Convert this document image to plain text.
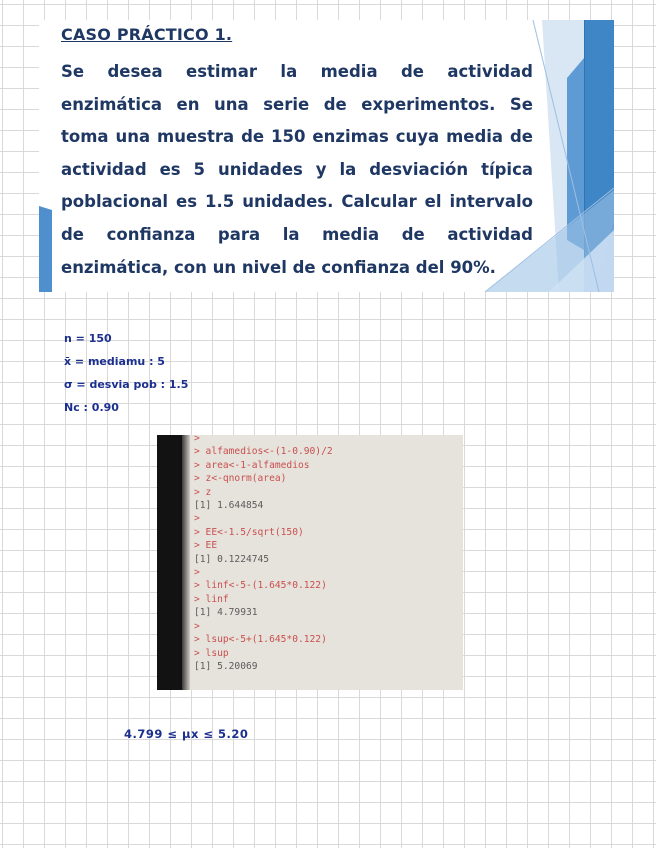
CASO PRÁCTICO 1.

Se desea estimar la media de actividad enzimática en una serie de experimentos. Se toma una muestra de 150 enzimas cuya media de actividad es 5 unidades y la desviación típica poblacional es 1.5 unidades. Calcular el intervalo de confianza para la media de actividad enzimática, con un nivel de confianza del 90%.

n = 150
x̄ = mediamu : 5
σ = desvia pob : 1.5
Nc : 0.90
>
> alfamedios<-(1-0.90)/2
> area<-1-alfamedios
> z<-qnorm(area)
> z
[1] 1.644854
>
> EE<-1.5/sqrt(150)
> EE
[1] 0.1224745
>
> linf<-5-(1.645*0.122)
> linf
[1] 4.79931
>
> lsup<-5+(1.645*0.122)
> lsup
[1] 5.20069
4.799 ≤ μx ≤ 5.20
